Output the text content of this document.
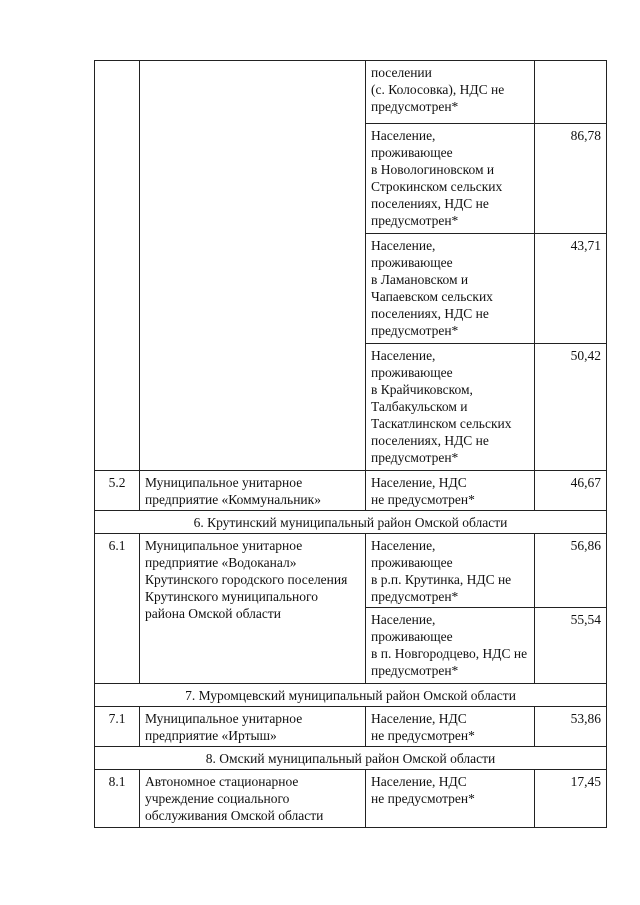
		поселении
(с. Колосовка), НДС не предусмотрен*	

		Население,
проживающее
в Новологиновском и Строкинском сельских поселениях, НДС не предусмотрен*	86,78

		Население,
проживающее
в Ламановском и Чапаевском сельских поселениях, НДС не предусмотрен*	43,71

		Население,
проживающее
в Крайчиковском, Талбакульском и Таскатлинском сельских поселениях, НДС не предусмотрен*	50,42
5.2	Муниципальное унитарное предприятие «Коммунальник»	Население, НДС
не предусмотрен*	46,67
6. Крутинский муниципальный район Омской области			
6.1	Муниципальное унитарное предприятие «Водоканал» Крутинского городского поселения Крутинского муниципального района Омской области	Население,
проживающее
в р.п. Крутинка, НДС не предусмотрен*	56,86

		Население,
проживающее
в п. Новгородцево, НДС не предусмотрен*	55,54
7. Муромцевский муниципальный район Омской области			
7.1	Муниципальное унитарное предприятие «Иртыш»	Население, НДС
не предусмотрен*	53,86
8. Омский муниципальный район Омской области			
8.1	Автономное стационарное учреждение социального обслуживания Омской области	Население, НДС
не предусмотрен*	17,45
